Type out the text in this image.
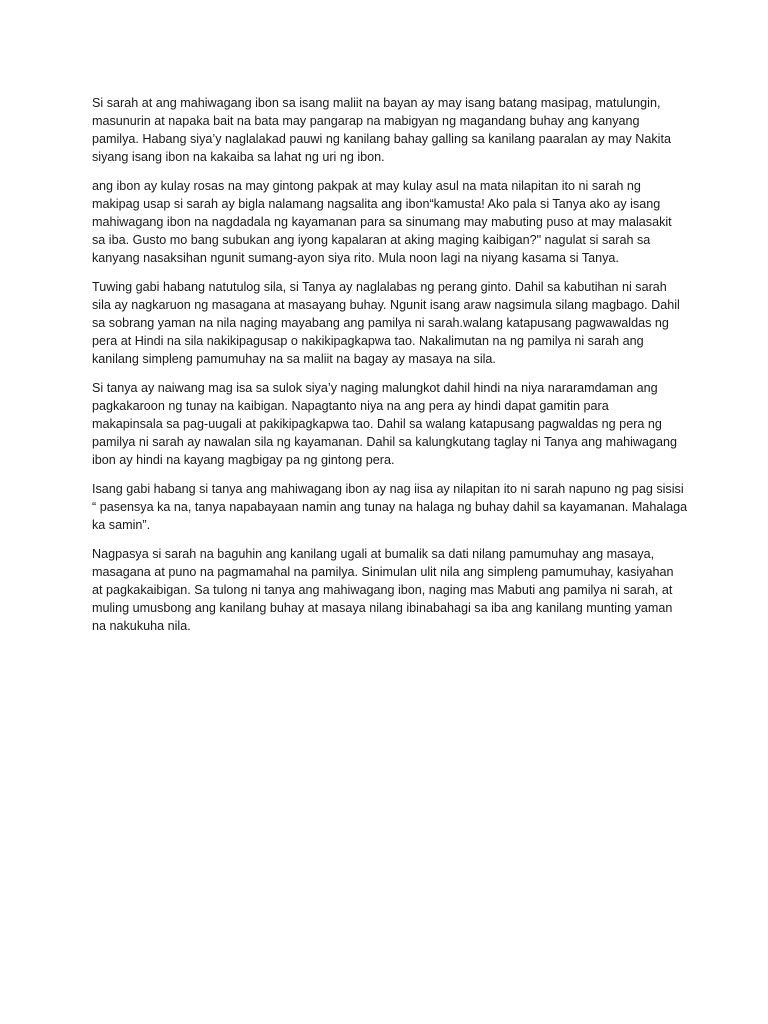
Si sarah at ang mahiwagang ibon sa isang maliit na bayan ay may isang batang masipag, matulungin,
masunurin at napaka bait na bata may pangarap na mabigyan ng magandang buhay ang kanyang
pamilya. Habang siya’y naglalakad pauwi ng kanilang bahay galling sa kanilang paaralan ay may Nakita
siyang isang ibon na kakaiba sa lahat ng uri ng ibon.

ang ibon ay kulay rosas na may gintong pakpak at may kulay asul na mata nilapitan ito ni sarah ng
makipag usap si sarah ay bigla nalamang nagsalita ang ibon“kamusta! Ako pala si Tanya ako ay isang
mahiwagang ibon na nagdadala ng kayamanan para sa sinumang may mabuting puso at may malasakit
sa iba. Gusto mo bang subukan ang iyong kapalaran at aking maging kaibigan?" nagulat si sarah sa
kanyang nasaksihan ngunit sumang-ayon siya rito. Mula noon lagi na niyang kasama si Tanya.

Tuwing gabi habang natutulog sila, si Tanya ay naglalabas ng perang ginto. Dahil sa kabutihan ni sarah
sila ay nagkaruon ng masagana at masayang buhay. Ngunit isang araw nagsimula silang magbago. Dahil
sa sobrang yaman na nila naging mayabang ang pamilya ni sarah.walang katapusang pagwawaldas ng
pera at Hindi na sila nakikipagusap o nakikipagkapwa tao. Nakalimutan na ng pamilya ni sarah ang
kanilang simpleng pamumuhay na sa maliit na bagay ay masaya na sila.

Si tanya ay naiwang mag isa sa sulok siya’y naging malungkot dahil hindi na niya nararamdaman ang
pagkakaroon ng tunay na kaibigan. Napagtanto niya na ang pera ay hindi dapat gamitin para
makapinsala sa pag-uugali at pakikipagkapwa tao. Dahil sa walang katapusang pagwaldas ng pera ng
pamilya ni sarah ay nawalan sila ng kayamanan. Dahil sa kalungkutang taglay ni Tanya ang mahiwagang
ibon ay hindi na kayang magbigay pa ng gintong pera.

Isang gabi habang si tanya ang mahiwagang ibon ay nag iisa ay nilapitan ito ni sarah napuno ng pag sisisi
“ pasensya ka na, tanya napabayaan namin ang tunay na halaga ng buhay dahil sa kayamanan. Mahalaga
ka samin”.

Nagpasya si sarah na baguhin ang kanilang ugali at bumalik sa dati nilang pamumuhay ang masaya,
masagana at puno na pagmamahal na pamilya. Sinimulan ulit nila ang simpleng pamumuhay, kasiyahan
at pagkakaibigan. Sa tulong ni tanya ang mahiwagang ibon, naging mas Mabuti ang pamilya ni sarah, at
muling umusbong ang kanilang buhay at masaya nilang ibinabahagi sa iba ang kanilang munting yaman
na nakukuha nila.
